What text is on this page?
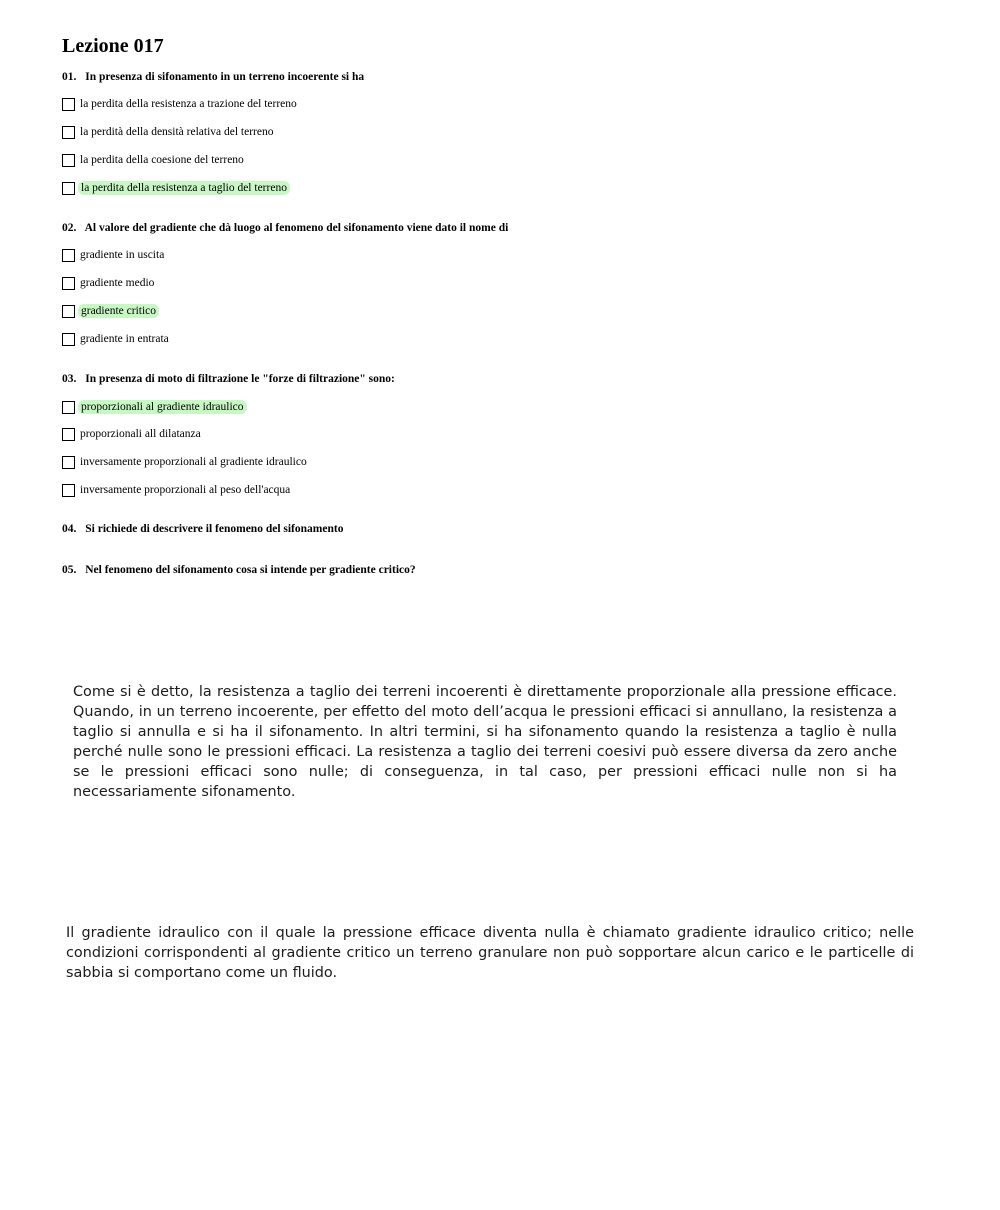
Lezione 017
01. In presenza di sifonamento in un terreno incoerente si ha
la perdita della resistenza a trazione del terreno
la perdità della densità relativa del terreno
la perdita della coesione del terreno
la perdita della resistenza a taglio del terreno
02. Al valore del gradiente che dà luogo al fenomeno del sifonamento viene dato il nome di
gradiente in uscita
gradiente medio
gradiente critico
gradiente in entrata
03. In presenza di moto di filtrazione le "forze di filtrazione" sono:
proporzionali al gradiente idraulico
proporzionali all dilatanza
inversamente proporzionali al gradiente idraulico
inversamente proporzionali al peso dell'acqua
04. Si richiede di descrivere il fenomeno del sifonamento
05. Nel fenomeno del sifonamento cosa si intende per gradiente critico?

Come si è detto, la resistenza a taglio dei terreni incoerenti è direttamente proporzionale alla pressione efficace. Quando, in un terreno incoerente, per effetto del moto dell’acqua le pressioni efficaci si annullano, la resistenza a taglio si annulla e si ha il sifonamento. In altri termini, si ha sifonamento quando la resistenza a taglio è nulla perché nulle sono le pressioni efficaci. La resistenza a taglio dei terreni coesivi può essere diversa da zero anche se le pressioni efficaci sono nulle; di conseguenza, in tal caso, per pressioni efficaci nulle non si ha necessariamente sifonamento.

Il gradiente idraulico con il quale la pressione efficace diventa nulla è chiamato gradiente idraulico critico; nelle condizioni corrispondenti al gradiente critico un terreno granulare non può sopportare alcun carico e le particelle di sabbia si comportano come un fluido.
